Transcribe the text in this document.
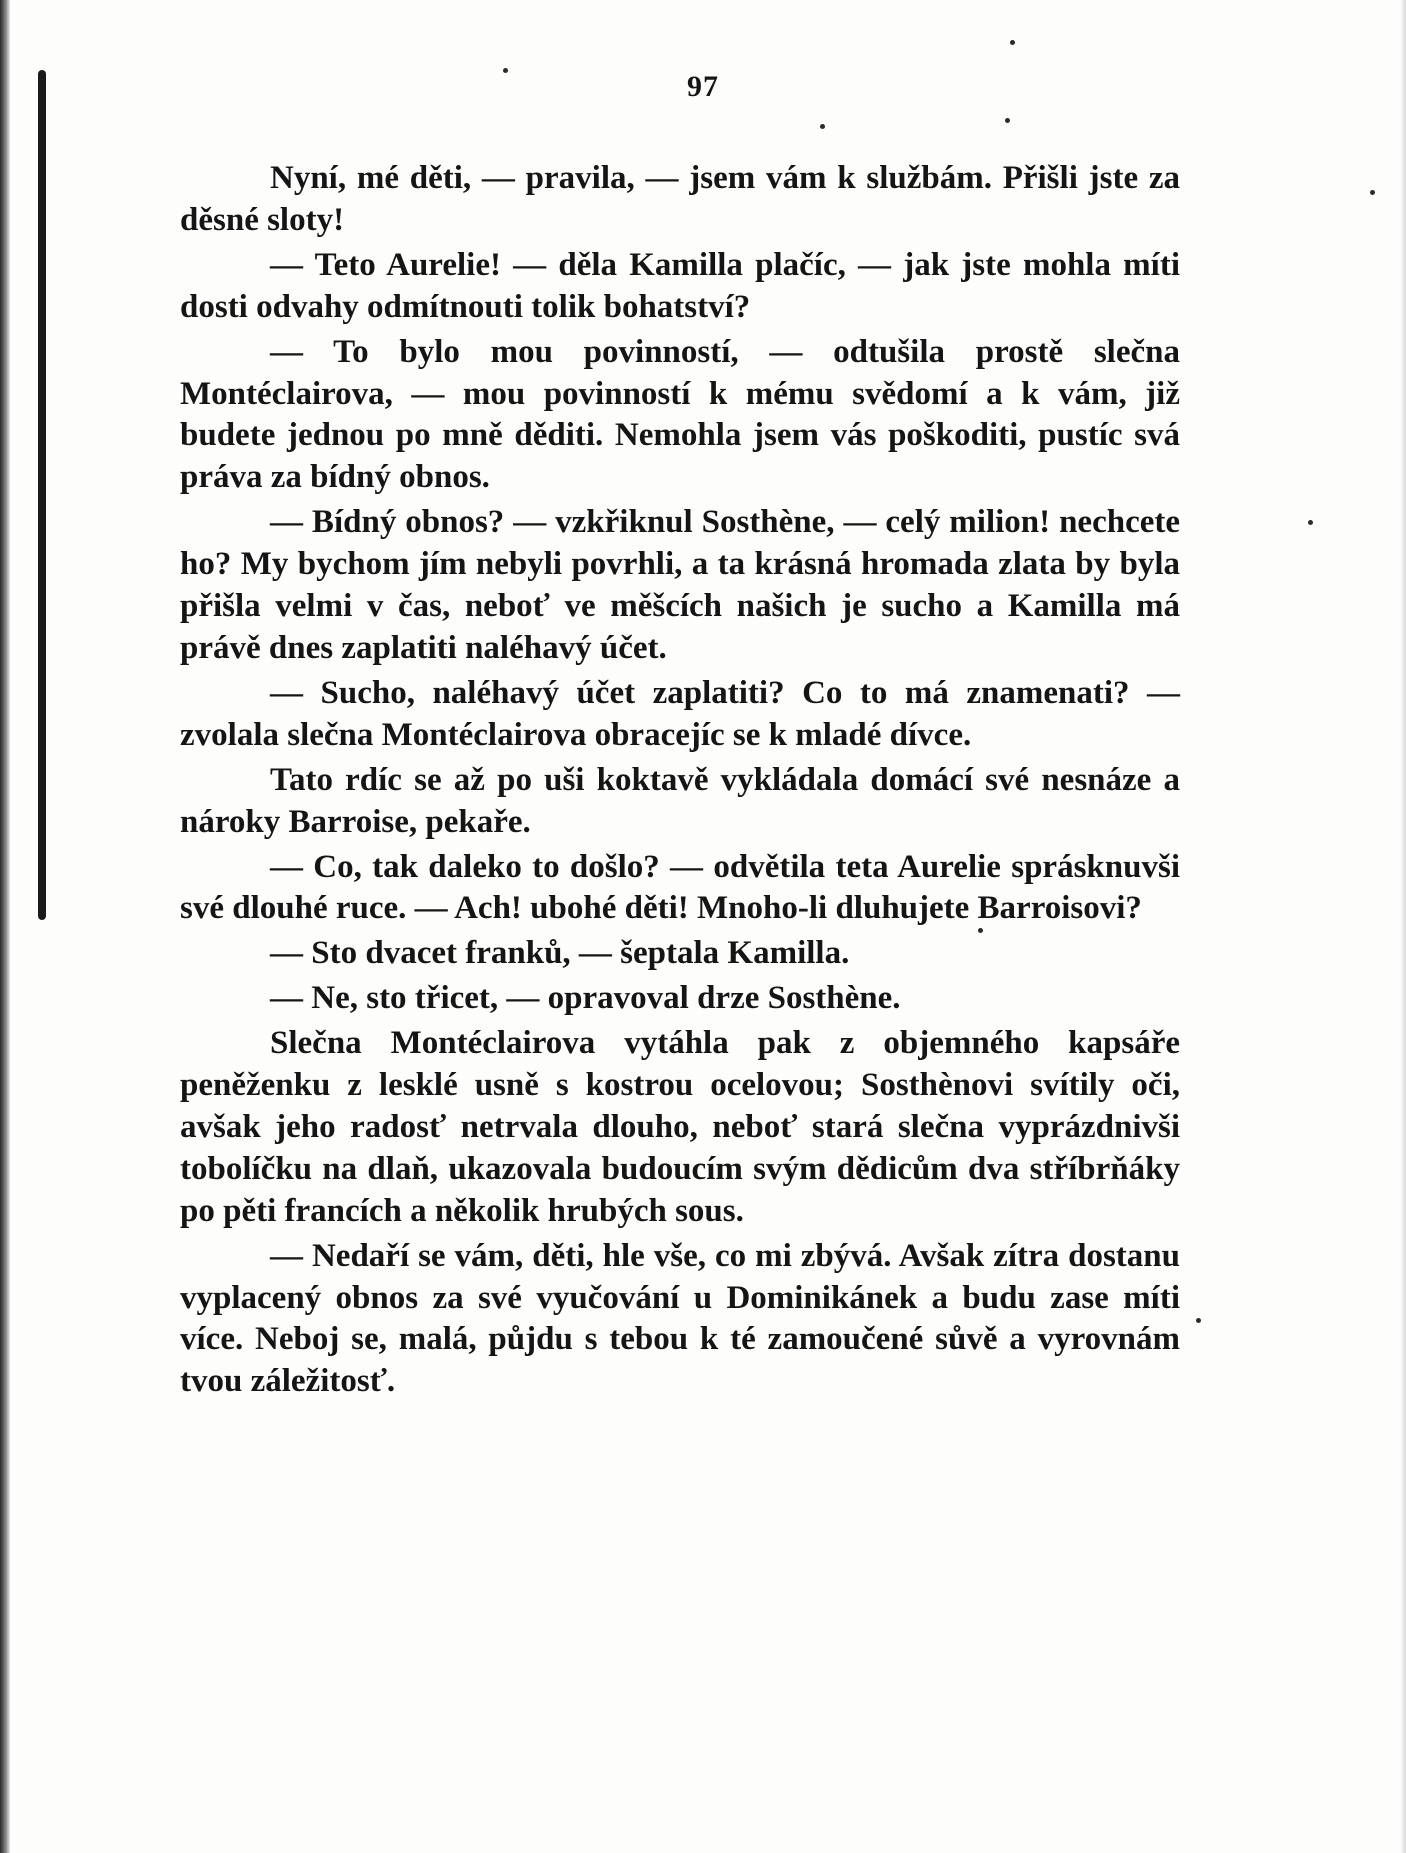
97

Nyní, mé děti, — pravila, — jsem vám k službám. Přišli jste za děsné sloty!

— Teto Aurelie! — děla Kamilla plačíc, — jak jste mohla míti dosti odvahy odmítnouti tolik bohatství?

— To bylo mou povinností, — odtušila prostě slečna Montéclairova, — mou povinností k mému svědomí a k vám, již budete jednou po mně děditi. Nemohla jsem vás poškoditi, pustíc svá práva za bídný obnos.

— Bídný obnos? — vzkřiknul Sosthène, — celý milion! nechcete ho? My bychom jím nebyli povrhli, a ta krásná hromada zlata by byla přišla velmi v čas, neboť ve měšcích našich je sucho a Kamilla má právě dnes zaplatiti naléhavý účet.

— Sucho, naléhavý účet zaplatiti? Co to má znamenati? — zvolala slečna Montéclairova obracejíc se k mladé dívce.

Tato rdíc se až po uši koktavě vykládala domácí své nesnáze a nároky Barroise, pekaře.

— Co, tak daleko to došlo? — odvětila teta Aurelie sprásknuvši své dlouhé ruce. — Ach! ubohé děti! Mnoho-li dluhujete Barroisovi?

— Sto dvacet franků, — šeptala Kamilla.

— Ne, sto třicet, — opravoval drze Sosthène.

Slečna Montéclairova vytáhla pak z objemného kapsáře peněženku z lesklé usně s kostrou ocelovou; Sosthènovi svítily oči, avšak jeho radosť netrvala dlouho, neboť stará slečna vyprázdnivši tobolíčku na dlaň, ukazovala budoucím svým dědicům dva stříbrňáky po pěti francích a několik hrubých sous.

— Nedaří se vám, děti, hle vše, co mi zbývá. Avšak zítra dostanu vyplacený obnos za své vyučování u Dominikánek a budu zase míti více. Neboj se, malá, půjdu s tebou k té zamoučené sůvě a vyrovnám tvou záležitosť.
